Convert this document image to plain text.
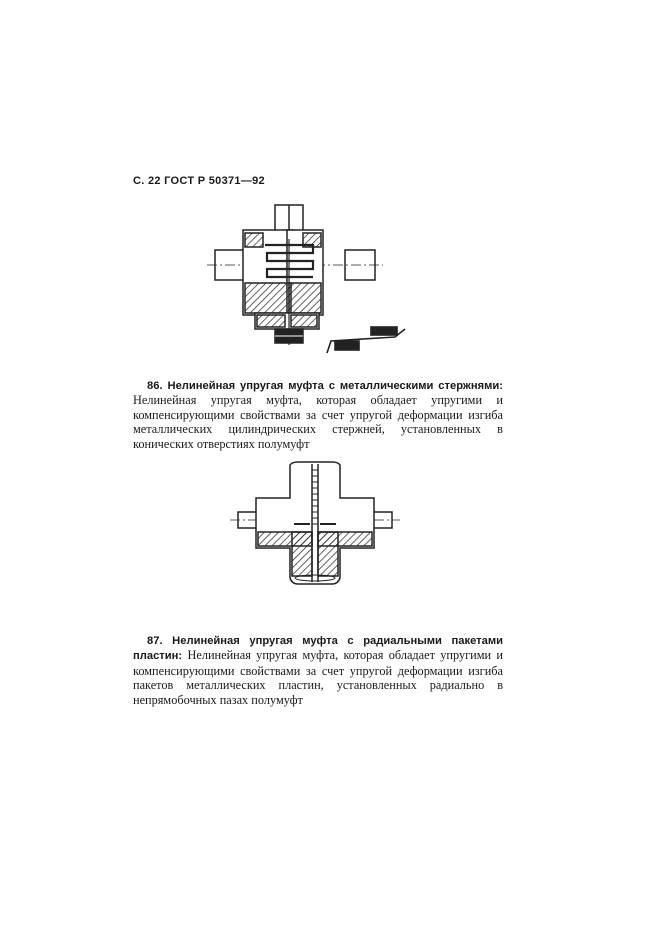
С. 22 ГОСТ Р 50371—92
86. Нелинейная упругая муфта с металлическими стержнями: Нелинейная упругая муфта, которая обладает упругими и компенсирующими свойствами за счет упругой деформации изгиба металлических цилиндрических стержней, установленных в конических отверстиях полумуфт
87. Нелинейная упругая муфта с радиальными пакетами пластин: Нелинейная упругая муфта, которая обладает упругими и компенсирующими свойствами за счет упругой деформации изгиба пакетов металлических пластин, установленных радиально в непрямобочных пазах полумуфт
